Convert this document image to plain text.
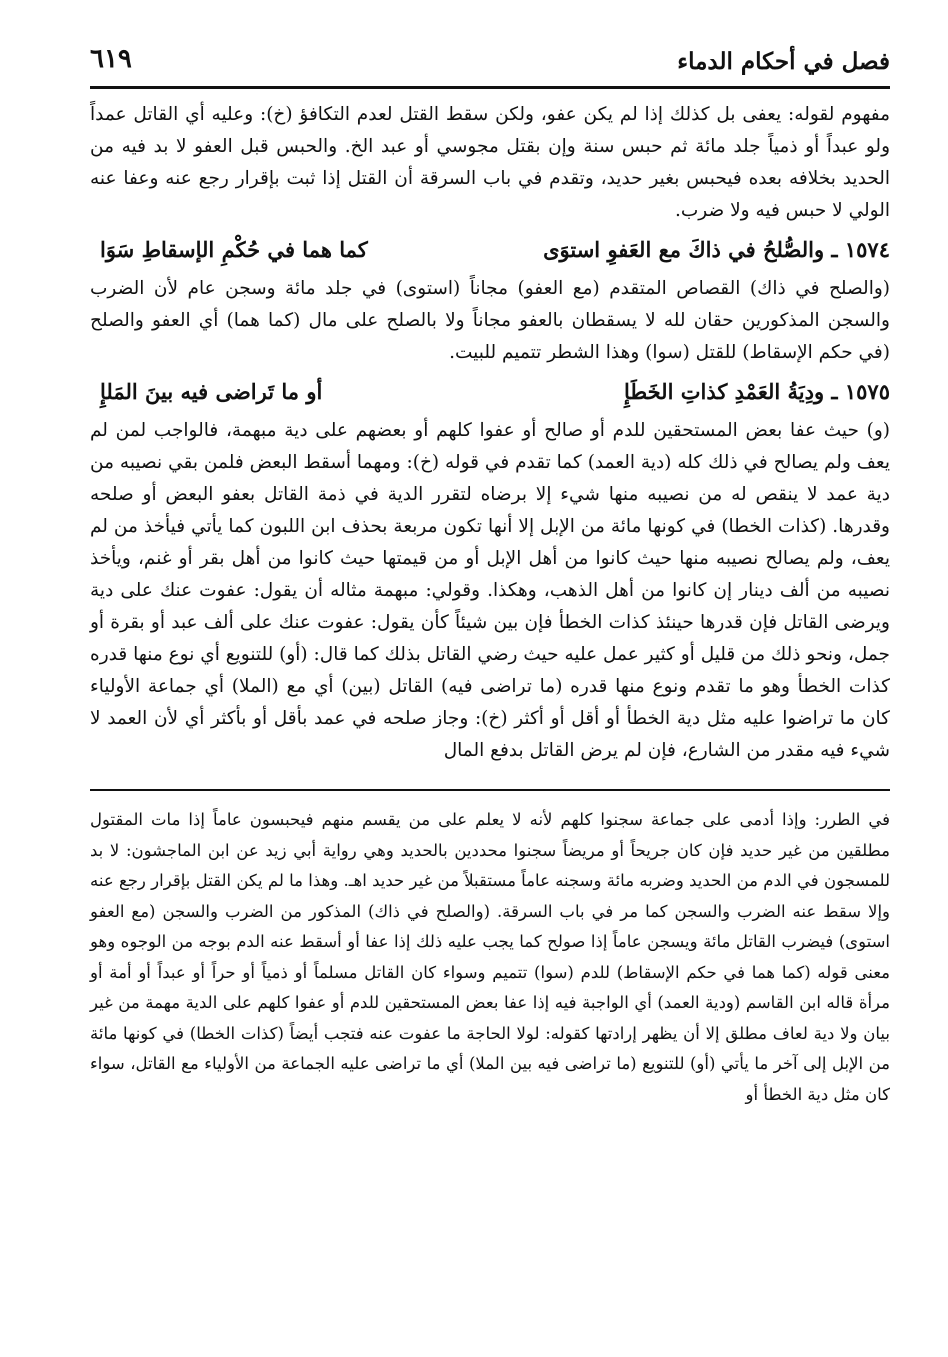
فصل في أحكام الدماء
٦١٩

مفهوم لقوله: يعفى بل كذلك إذا لم يكن عفو، ولكن سقط القتل لعدم التكافؤ (خ): وعليه أي القاتل عمداً ولو عبداً أو ذمياً جلد مائة ثم حبس سنة وإن بقتل مجوسي أو عبد الخ. والحبس قبل العفو لا بد فيه من الحديد بخلافه بعده فيحبس بغير حديد، وتقدم في باب السرقة أن القتل إذا ثبت بإقرار رجع عنه وعفا عنه الولي لا حبس فيه ولا ضرب.

١٥٧٤ ـ والصُّلحُ في ذاكَ مع العَفوِ استوَى
كما هما في حُكْمِ الإسقاطِ سَوَا

(والصلح في ذاك) القصاص المتقدم (مع العفو) مجاناً (استوى) في جلد مائة وسجن عام لأن الضرب والسجن المذكورين حقان لله لا يسقطان بالعفو مجاناً ولا بالصلح على مال (كما هما) أي العفو والصلح (في حكم الإسقاط) للقتل (سوا) وهذا الشطر تتميم للبيت.

١٥٧٥ ـ ودِيَةُ العَمْدِ كذاتِ الخَطَإِ
أو ما تَراضى فيه بينَ المَلإِ

(و) حيث عفا بعض المستحقين للدم أو صالح أو عفوا كلهم أو بعضهم على دية مبهمة، فالواجب لمن لم يعف ولم يصالح في ذلك كله (دية العمد) كما تقدم في قوله (خ): ومهما أسقط البعض فلمن بقي نصيبه من دية عمد لا ينقص له من نصيبه منها شيء إلا برضاه لتقرر الدية في ذمة القاتل بعفو البعض أو صلحه وقدرها. (كذات الخطا) في كونها مائة من الإبل إلا أنها تكون مربعة بحذف ابن اللبون كما يأتي فيأخذ من لم يعف، ولم يصالح نصيبه منها حيث كانوا من أهل الإبل أو من قيمتها حيث كانوا من أهل بقر أو غنم، ويأخذ نصيبه من ألف دينار إن كانوا من أهل الذهب، وهكذا. وقولي: مبهمة مثاله أن يقول: عفوت عنك على دية ويرضى القاتل فإن قدرها حينئذ كذات الخطأ فإن بين شيئاً كأن يقول: عفوت عنك على ألف عبد أو بقرة أو جمل، ونحو ذلك من قليل أو كثير عمل عليه حيث رضي القاتل بذلك كما قال: (أو) للتنويع أي نوع منها قدره كذات الخطأ وهو ما تقدم ونوع منها قدره (ما تراضى فيه) القاتل (بين) أي مع (الملا) أي جماعة الأولياء كان ما تراضوا عليه مثل دية الخطأ أو أقل أو أكثر (خ): وجاز صلحه في عمد بأقل أو بأكثر أي لأن العمد لا شيء فيه مقدر من الشارع، فإن لم يرض القاتل بدفع المال

في الطرر: وإذا أدمى على جماعة سجنوا كلهم لأنه لا يعلم على من يقسم منهم فيحبسون عاماً إذا مات المقتول مطلقين من غير حديد فإن كان جريحاً أو مريضاً سجنوا محددين بالحديد وهي رواية أبي زيد عن ابن الماجشون: لا بد للمسجون في الدم من الحديد وضربه مائة وسجنه عاماً مستقبلاً من غير حديد اهـ. وهذا ما لم يكن القتل بإقرار رجع عنه وإلا سقط عنه الضرب والسجن كما مر في باب السرقة. (والصلح في ذاك) المذكور من الضرب والسجن (مع العفو استوى) فيضرب القاتل مائة ويسجن عاماً إذا صولح كما يجب عليه ذلك إذا عفا أو أسقط عنه الدم بوجه من الوجوه وهو معنى قوله (كما هما في حكم الإسقاط) للدم (سوا) تتميم وسواء كان القاتل مسلماً أو ذمياً أو حراً أو عبداً أو أمة أو مرأة قاله ابن القاسم (ودية العمد) أي الواجبة فيه إذا عفا بعض المستحقين للدم أو عفوا كلهم على الدية مهمة من غير بيان ولا دية لعاف مطلق إلا أن يظهر إرادتها كقوله: لولا الحاجة ما عفوت عنه فتجب أيضاً (كذات الخطا) في كونها مائة من الإبل إلى آخر ما يأتي (أو) للتنويع (ما تراضى فيه بين الملا) أي ما تراضى عليه الجماعة من الأولياء مع القاتل، سواء كان مثل دية الخطأ أو
